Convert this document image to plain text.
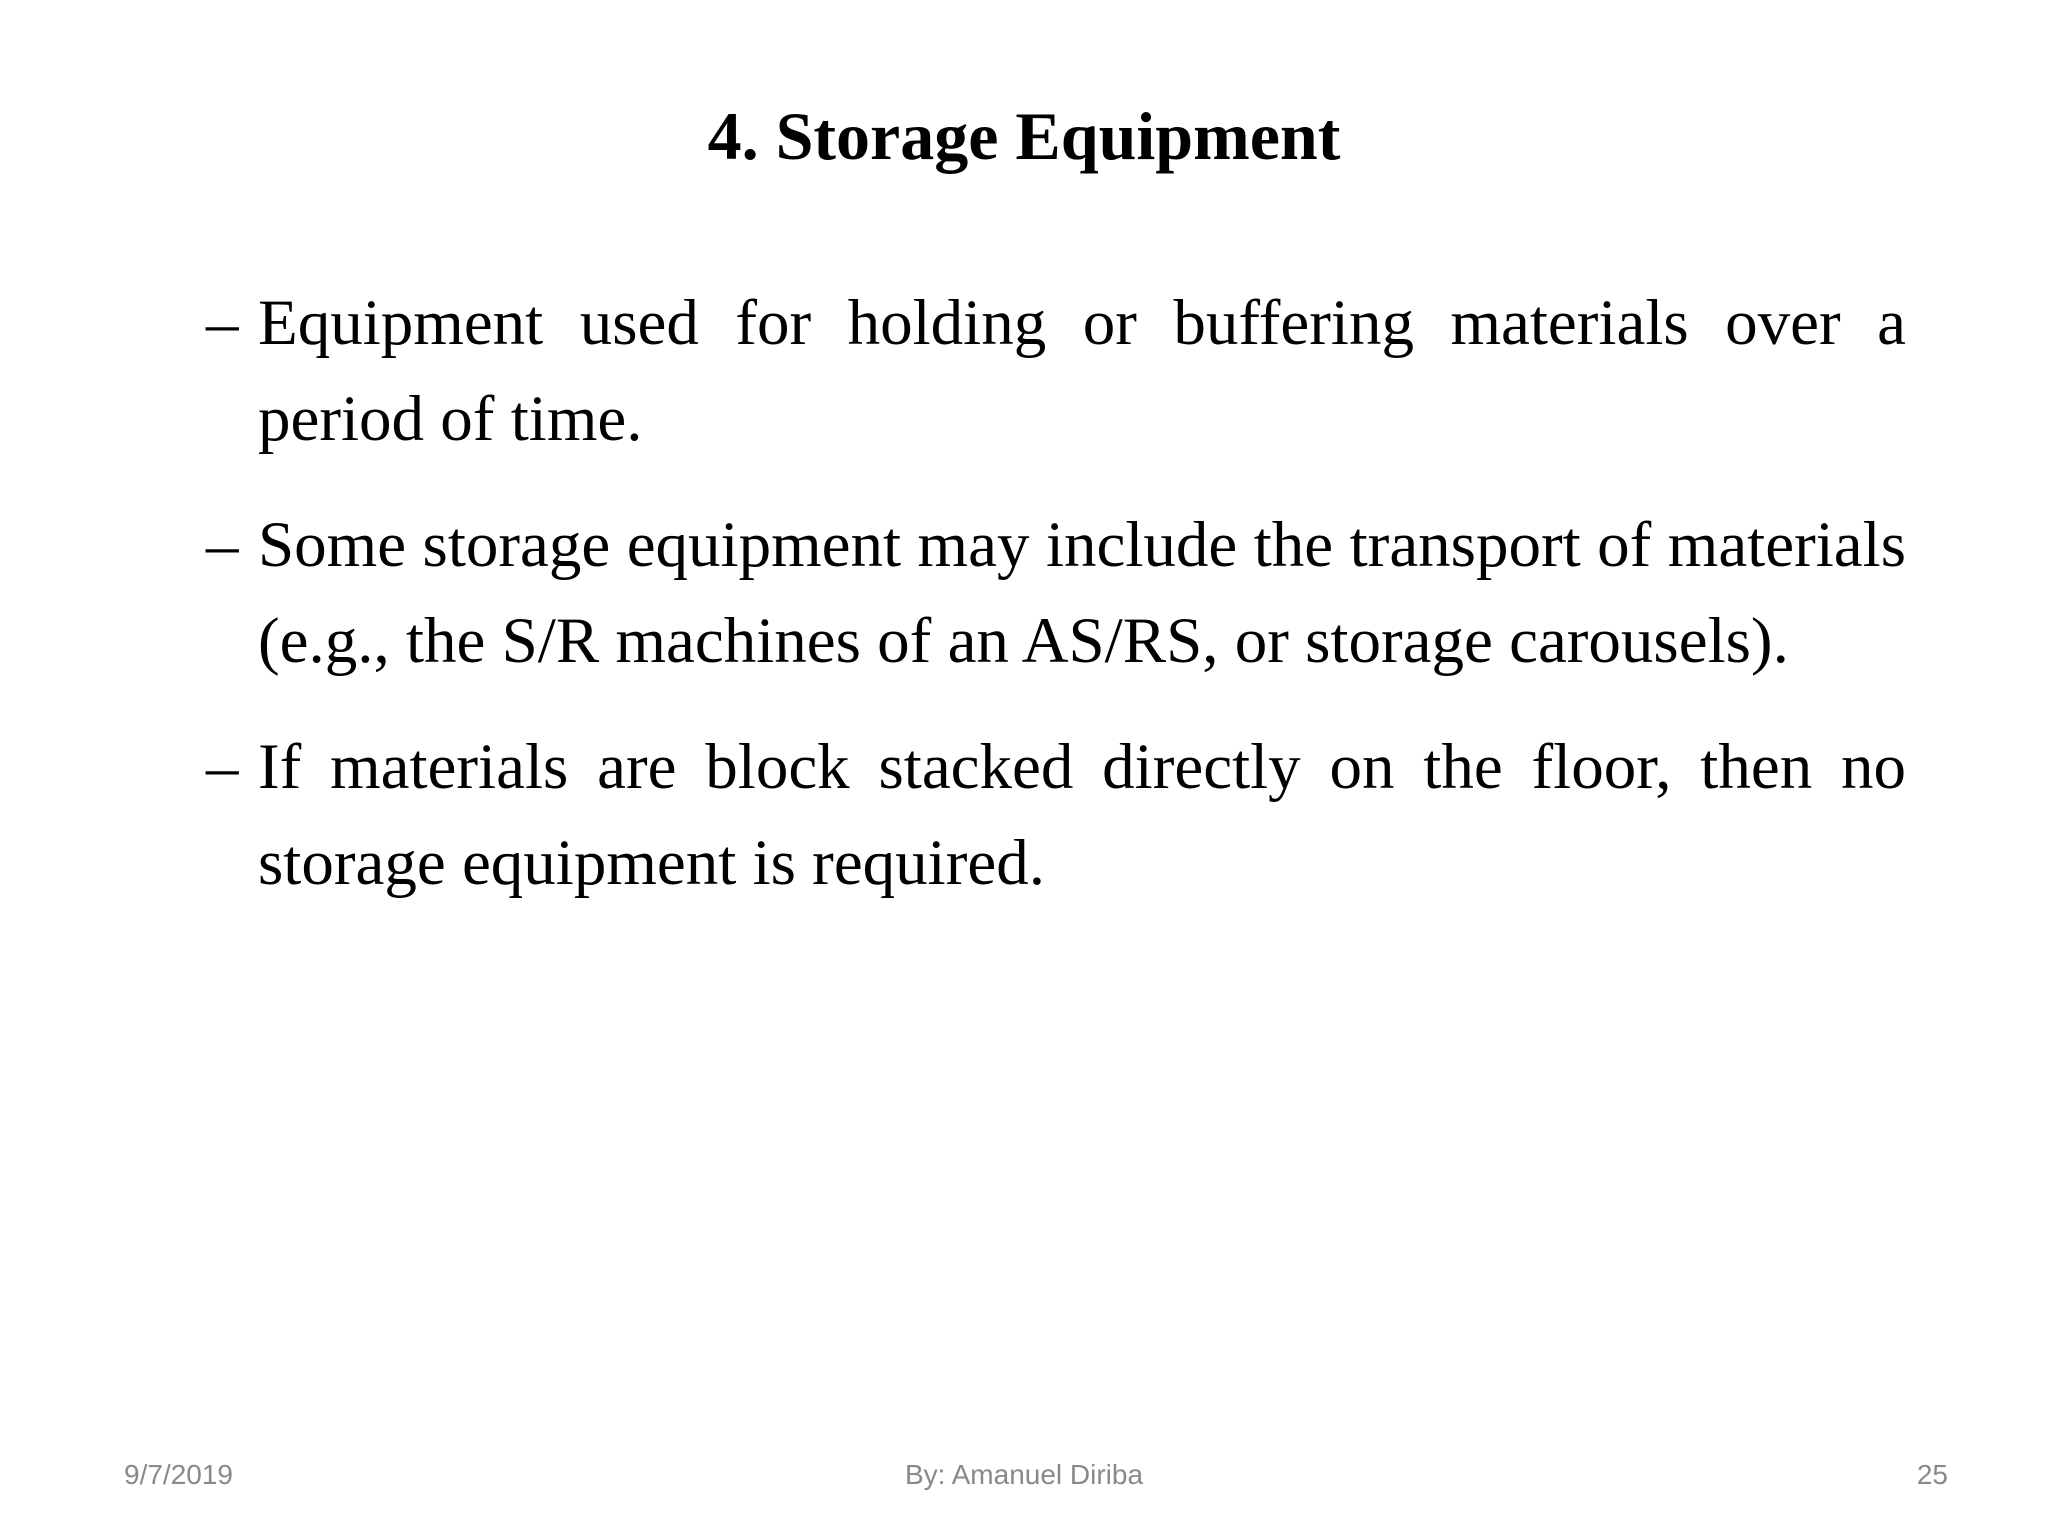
4. Storage Equipment
– Equipment used for holding or buffering materials over a period of time.
– Some storage equipment may include the transport of materials (e.g., the S/R machines of an AS/RS, or storage carousels).
– If materials are block stacked directly on the floor, then no storage equipment is required.
9/7/2019	By: Amanuel Diriba	25
